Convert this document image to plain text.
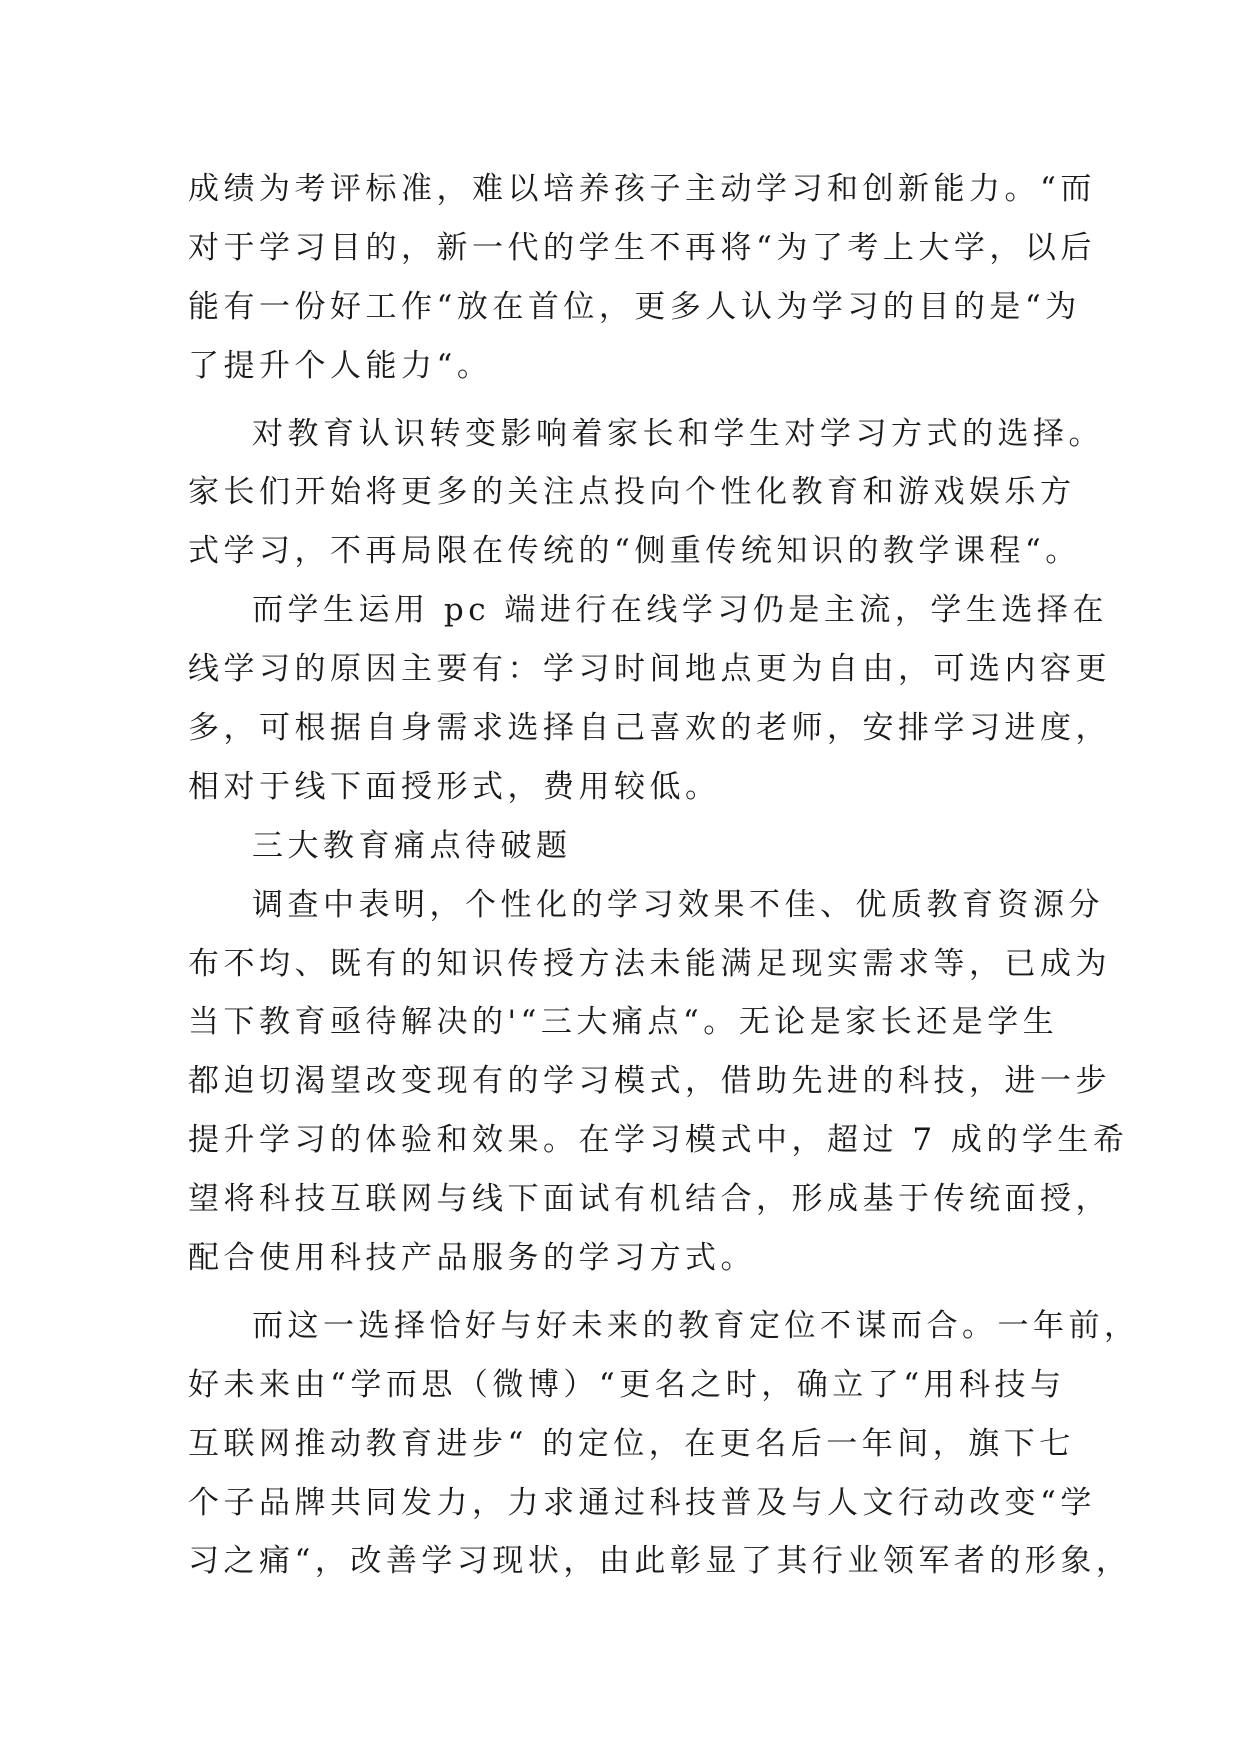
成绩为考评标准，难以培养孩子主动学习和创新能力。“而
对于学习目的，新一代的学生不再将“为了考上大学，以后
能有一份好工作“放在首位，更多人认为学习的目的是“为
了提升个人能力“。
对教育认识转变影响着家长和学生对学习方式的选择。
家长们开始将更多的关注点投向个性化教育和游戏娱乐方
式学习，不再局限在传统的“侧重传统知识的教学课程“。
而学生运用 pc 端进行在线学习仍是主流，学生选择在
线学习的原因主要有：学习时间地点更为自由，可选内容更
多，可根据自身需求选择自己喜欢的老师，安排学习进度，
相对于线下面授形式，费用较低。
三大教育痛点待破题
调查中表明，个性化的学习效果不佳、优质教育资源分
布不均、既有的知识传授方法未能满足现实需求等，已成为
当下教育亟待解决的'“三大痛点“。无论是家长还是学生
都迫切渴望改变现有的学习模式，借助先进的科技，进一步
提升学习的体验和效果。在学习模式中，超过 7 成的学生希
望将科技互联网与线下面试有机结合，形成基于传统面授，
配合使用科技产品服务的学习方式。
而这一选择恰好与好未来的教育定位不谋而合。一年前，
好未来由“学而思（微博）“更名之时，确立了“用科技与
互联网推动教育进步“ 的定位，在更名后一年间，旗下七
个子品牌共同发力，力求通过科技普及与人文行动改变“学
习之痛“，改善学习现状，由此彰显了其行业领军者的形象，
